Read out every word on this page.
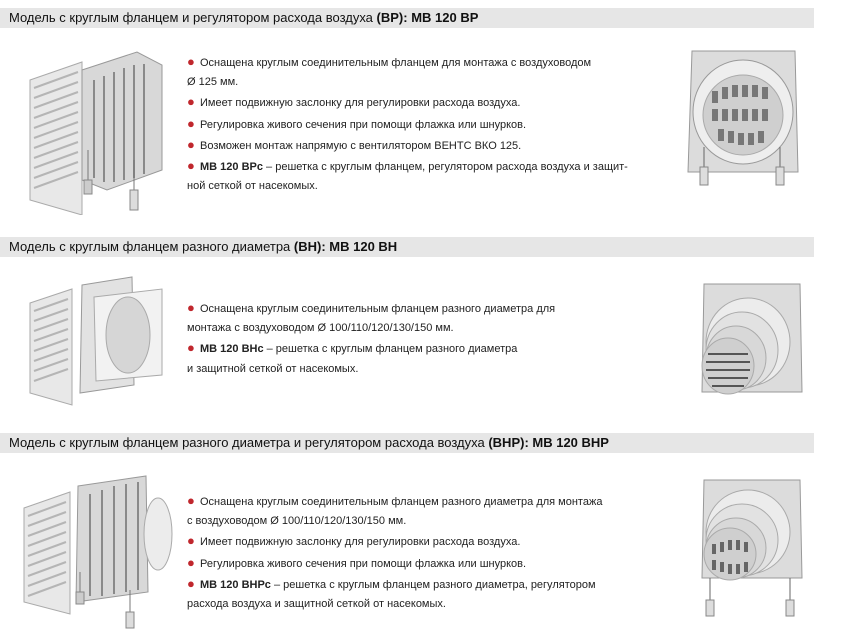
Модель с круглым фланцем и регулятором расхода воздуха (ВР): МВ 120 ВР
● Оснащена круглым соединительным фланцем для монтажа с воздуховодом
Ø 125 мм.
● Имеет подвижную заслонку для регулировки расхода воздуха.
● Регулировка живого сечения при помощи флажка или шнурков.
● Возможен монтаж напрямую с вентилятором ВЕНТС ВКО 125.
● МВ 120 ВРс – решетка с круглым фланцем, регулятором расхода воздуха и защит-
ной сеткой от насекомых.
Модель с круглым фланцем разного диаметра (ВН): МВ 120 ВН
● Оснащена круглым соединительным фланцем разного диаметра для
монтажа с воздуховодом Ø 100/110/120/130/150 мм.
● МВ 120 ВНс – решетка с круглым фланцем разного диаметра
и защитной сеткой от насекомых.
Модель с круглым фланцем разного диаметра и регулятором расхода воздуха (ВНР): МВ 120 ВНР
● Оснащена круглым соединительным фланцем разного диаметра для монтажа
с воздуховодом Ø 100/110/120/130/150 мм.
● Имеет подвижную заслонку для регулировки расхода воздуха.
● Регулировка живого сечения при помощи флажка или шнурков.
● МВ 120 ВНРс – решетка с круглым фланцем разного диаметра, регулятором
расхода воздуха и защитной сеткой от насекомых.
